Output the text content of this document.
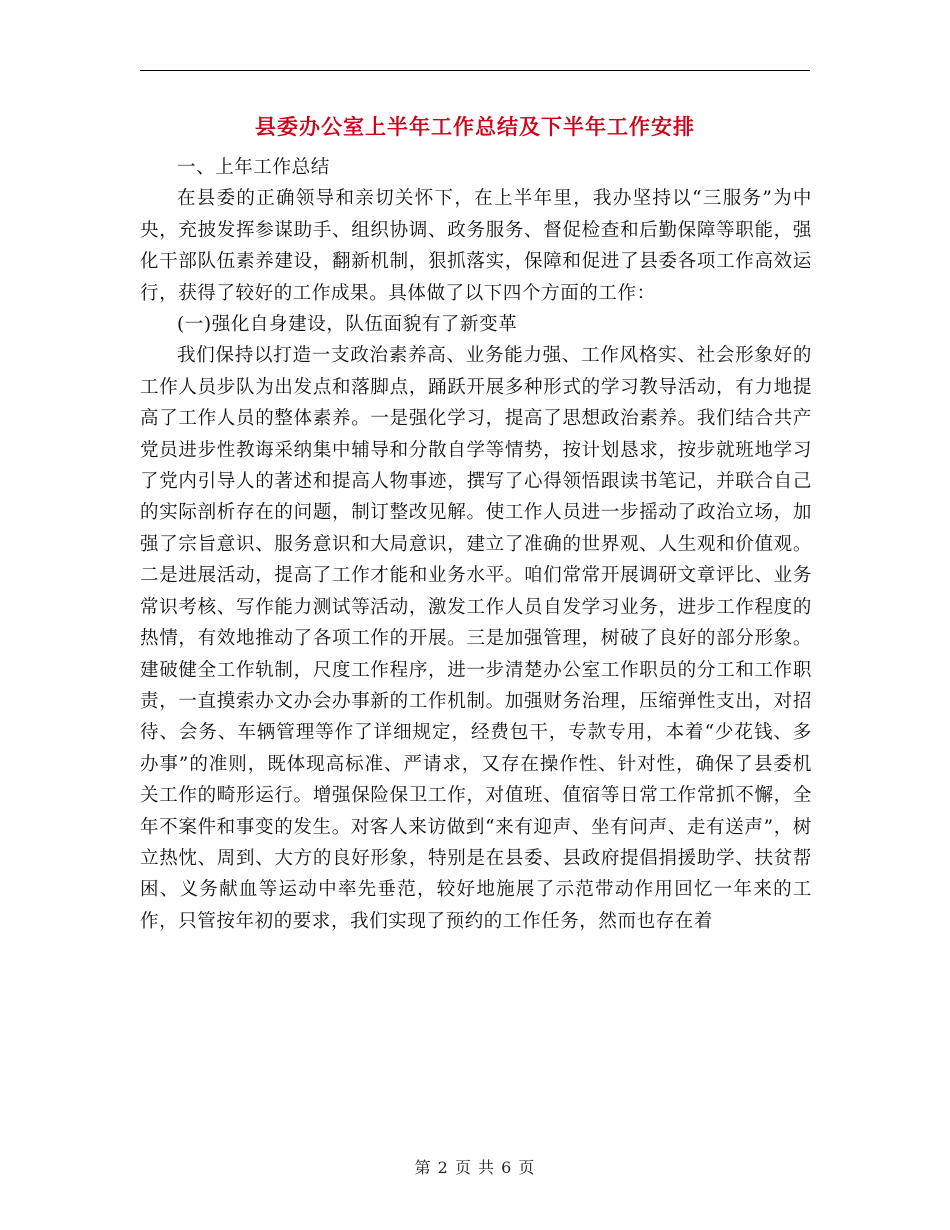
县委办公室上半年工作总结及下半年工作安排

一、上年工作总结

在县委的正确领导和亲切关怀下，在上半年里，我办坚持以“三服务”为中央，充披发挥参谋助手、组织协调、政务服务、督促检查和后勤保障等职能，强化干部队伍素养建设，翻新机制，狠抓落实，保障和促进了县委各项工作高效运行，获得了较好的工作成果。具体做了以下四个方面的工作：

(一)强化自身建设，队伍面貌有了新变革

我们保持以打造一支政治素养高、业务能力强、工作风格实、社会形象好的工作人员步队为出发点和落脚点，踊跃开展多种形式的学习教导活动，有力地提高了工作人员的整体素养。一是强化学习，提高了思想政治素养。我们结合共产党员进步性教诲采纳集中辅导和分散自学等情势，按计划恳求，按步就班地学习了党内引导人的著述和提高人物事迹，撰写了心得领悟跟读书笔记，并联合自己的实际剖析存在的问题，制订整改见解。使工作人员进一步摇动了政治立场，加强了宗旨意识、服务意识和大局意识，建立了准确的世界观、人生观和价值观。二是进展活动，提高了工作才能和业务水平。咱们常常开展调研文章评比、业务常识考核、写作能力测试等活动，激发工作人员自发学习业务，进步工作程度的热情，有效地推动了各项工作的开展。三是加强管理，树破了良好的部分形象。建破健全工作轨制，尺度工作程序，进一步清楚办公室工作职员的分工和工作职责，一直摸索办文办会办事新的工作机制。加强财务治理，压缩弹性支出，对招待、会务、车辆管理等作了详细规定，经费包干，专款专用，本着“少花钱、多办事”的准则，既体现高标准、严请求，又存在操作性、针对性，确保了县委机关工作的畸形运行。增强保险保卫工作，对值班、值宿等日常工作常抓不懈，全年不案件和事变的发生。对客人来访做到“来有迎声、坐有问声、走有送声”，树立热忱、周到、大方的良好形象，特别是在县委、县政府提倡捐援助学、扶贫帮困、义务献血等运动中率先垂范，较好地施展了示范带动作用回忆一年来的工作，只管按年初的要求，我们实现了预约的工作任务，然而也存在着

第 2 页 共 6 页
